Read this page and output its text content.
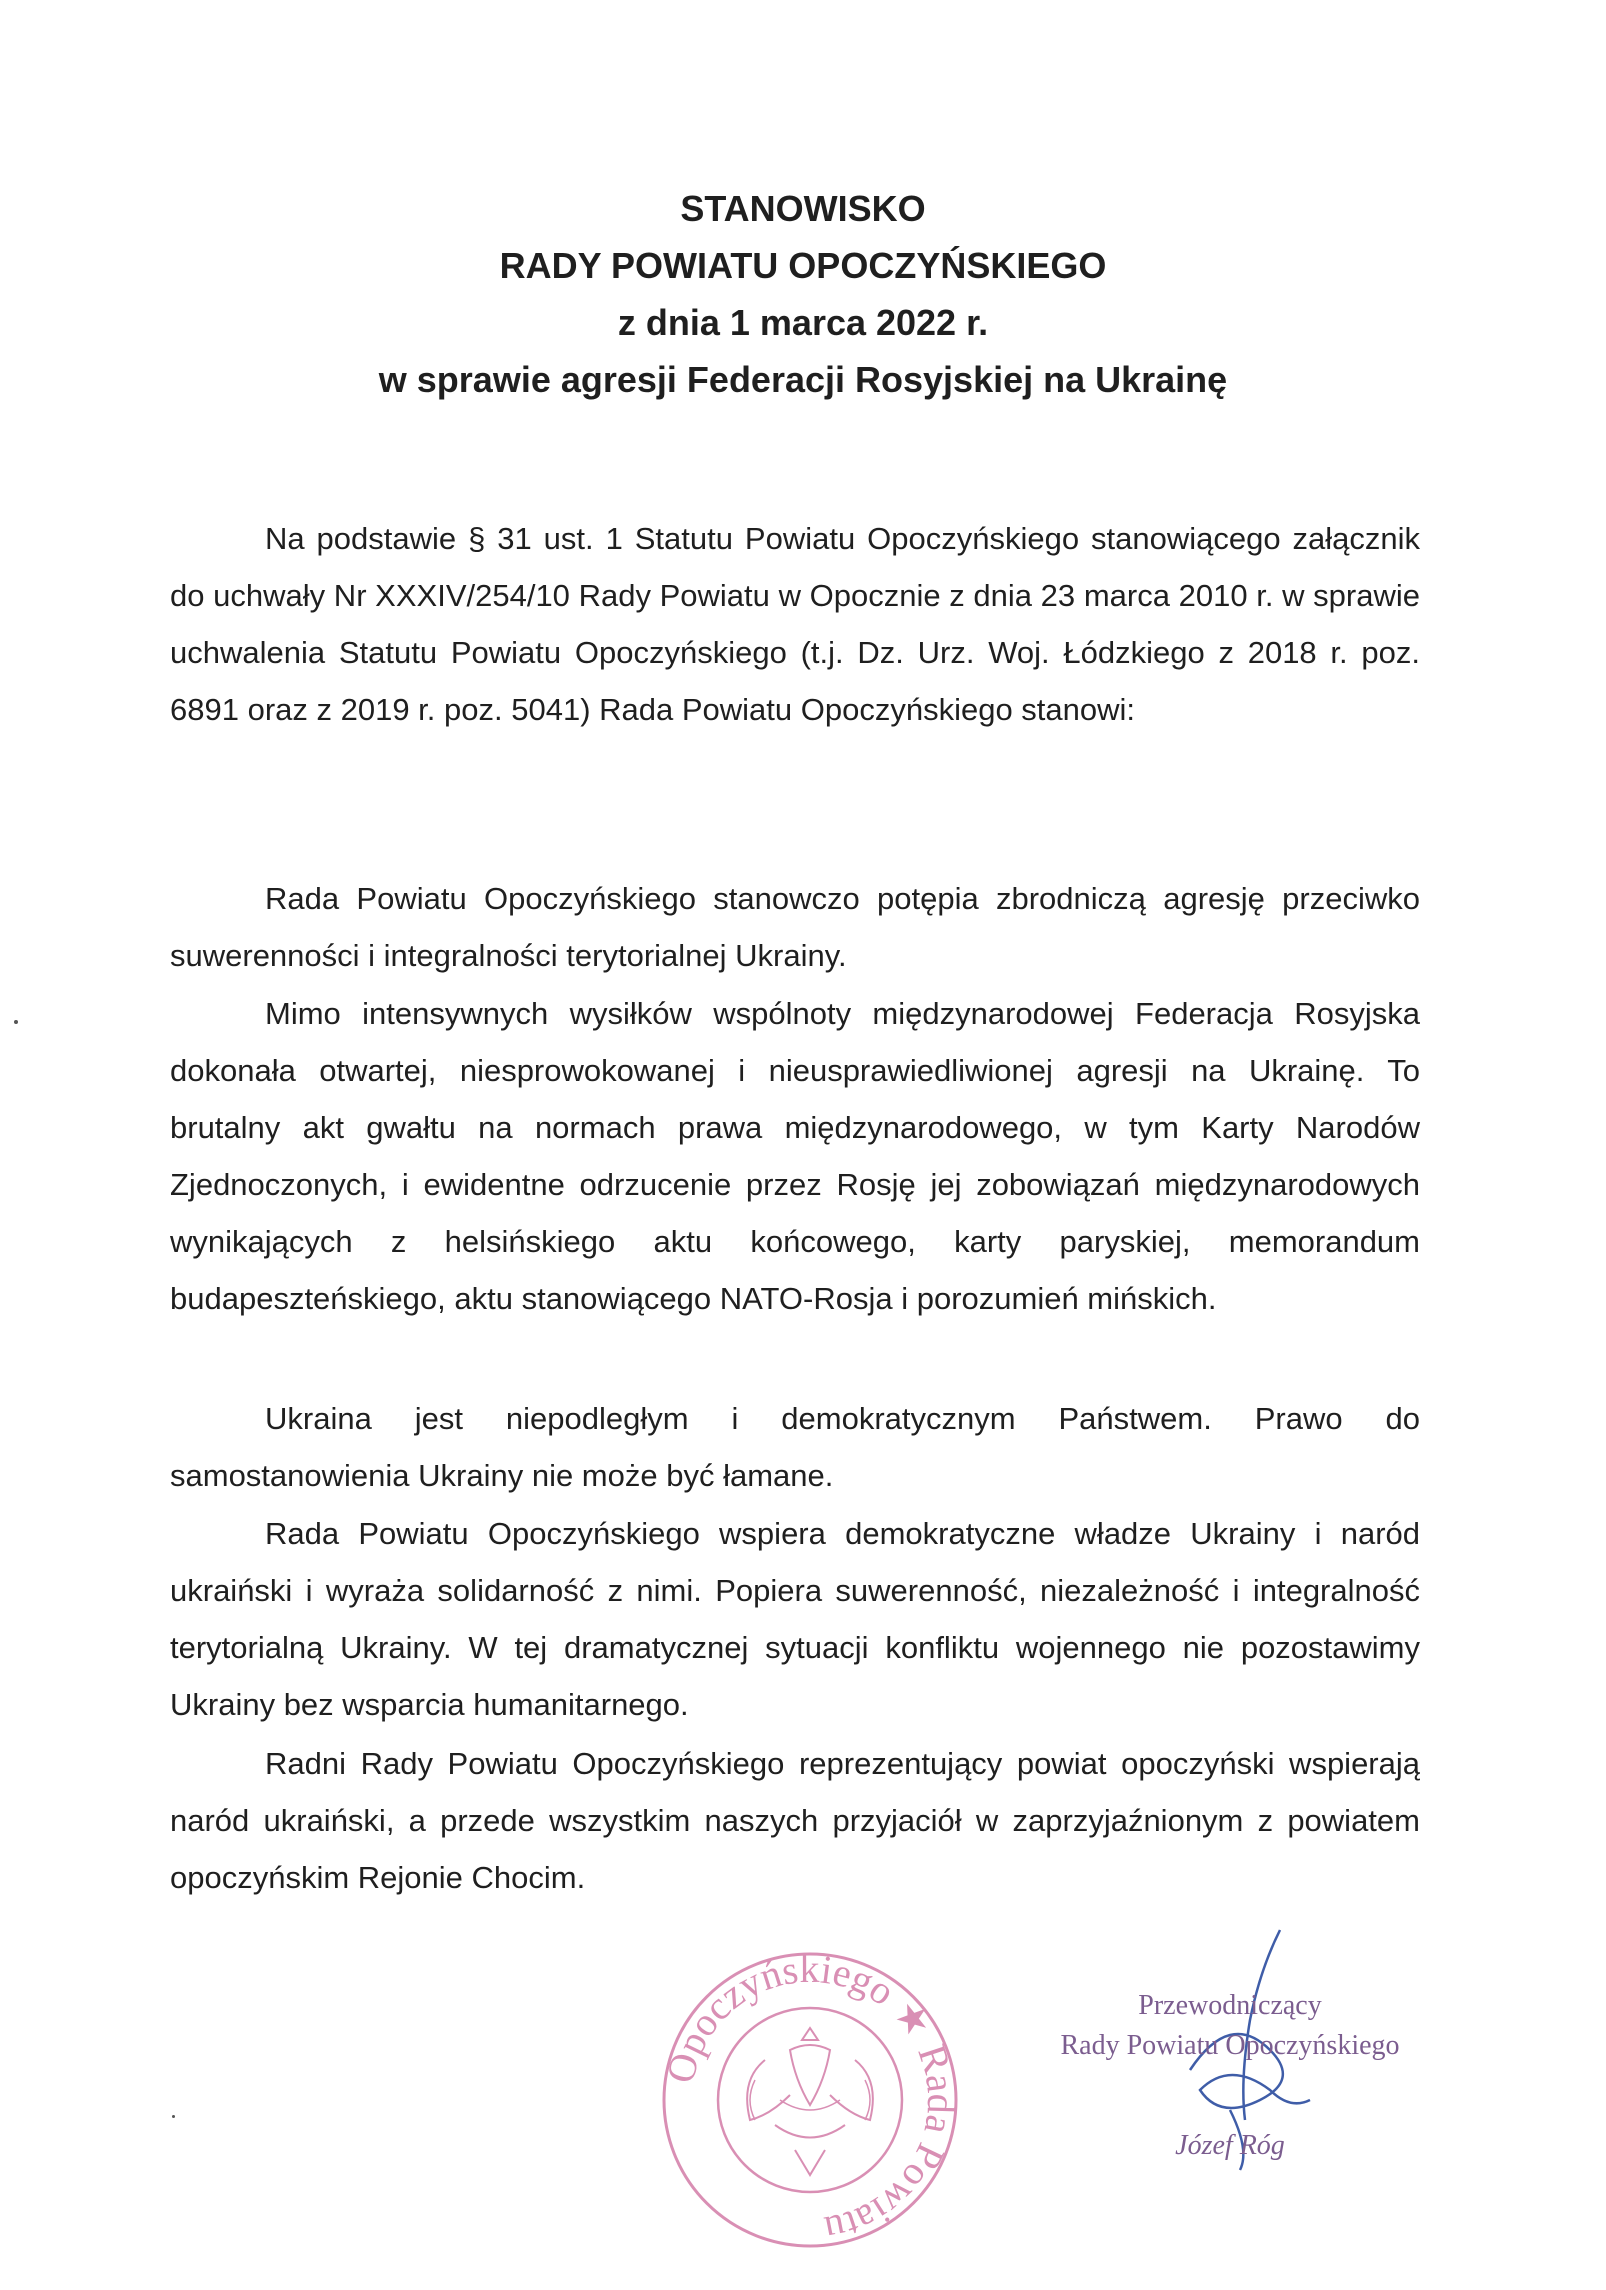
STANOWISKO
RADY POWIATU OPOCZYŃSKIEGO
z dnia 1 marca 2022 r.
w sprawie agresji Federacji Rosyjskiej na Ukrainę

Na podstawie § 31 ust. 1 Statutu Powiatu Opoczyńskiego stanowiącego załącznik do uchwały Nr XXXIV/254/10 Rady Powiatu w Opocznie z dnia 23 marca 2010 r. w sprawie uchwalenia Statutu Powiatu Opoczyńskiego (t.j. Dz. Urz. Woj. Łódzkiego z 2018 r. poz. 6891 oraz z 2019 r. poz. 5041) Rada Powiatu Opoczyńskiego stanowi:

Rada Powiatu Opoczyńskiego stanowczo potępia zbrodniczą agresję przeciwko suwerenności i integralności terytorialnej Ukrainy.

Mimo intensywnych wysiłków wspólnoty międzynarodowej Federacja Rosyjska dokonała otwartej, niesprowokowanej i nieusprawiedliwionej agresji na Ukrainę. To brutalny akt gwałtu na normach prawa międzynarodowego, w tym Karty Narodów Zjednoczonych, i ewidentne odrzucenie przez Rosję jej zobowiązań międzynarodowych wynikających z helsińskiego aktu końcowego, karty paryskiej, memorandum budapeszteńskiego, aktu stanowiącego NATO-Rosja i porozumień mińskich.

Ukraina jest niepodległym i demokratycznym Państwem. Prawo do samostanowienia Ukrainy nie może być łamane.

Rada Powiatu Opoczyńskiego wspiera demokratyczne władze Ukrainy i naród ukraiński i wyraża solidarność z nimi. Popiera suwerenność, niezależność i integralność terytorialną Ukrainy. W tej dramatycznej sytuacji konfliktu wojennego nie pozostawimy Ukrainy bez wsparcia humanitarnego.

Radni Rady Powiatu Opoczyńskiego reprezentujący powiat opoczyński wspierają naród ukraiński, a przede wszystkim naszych przyjaciół w zaprzyjaźnionym z powiatem opoczyńskim Rejonie Chocim.

Opoczyńskiego ★ Rada Powiatu
Przewodniczący
Rady Powiatu Opoczyńskiego
Józef Róg
